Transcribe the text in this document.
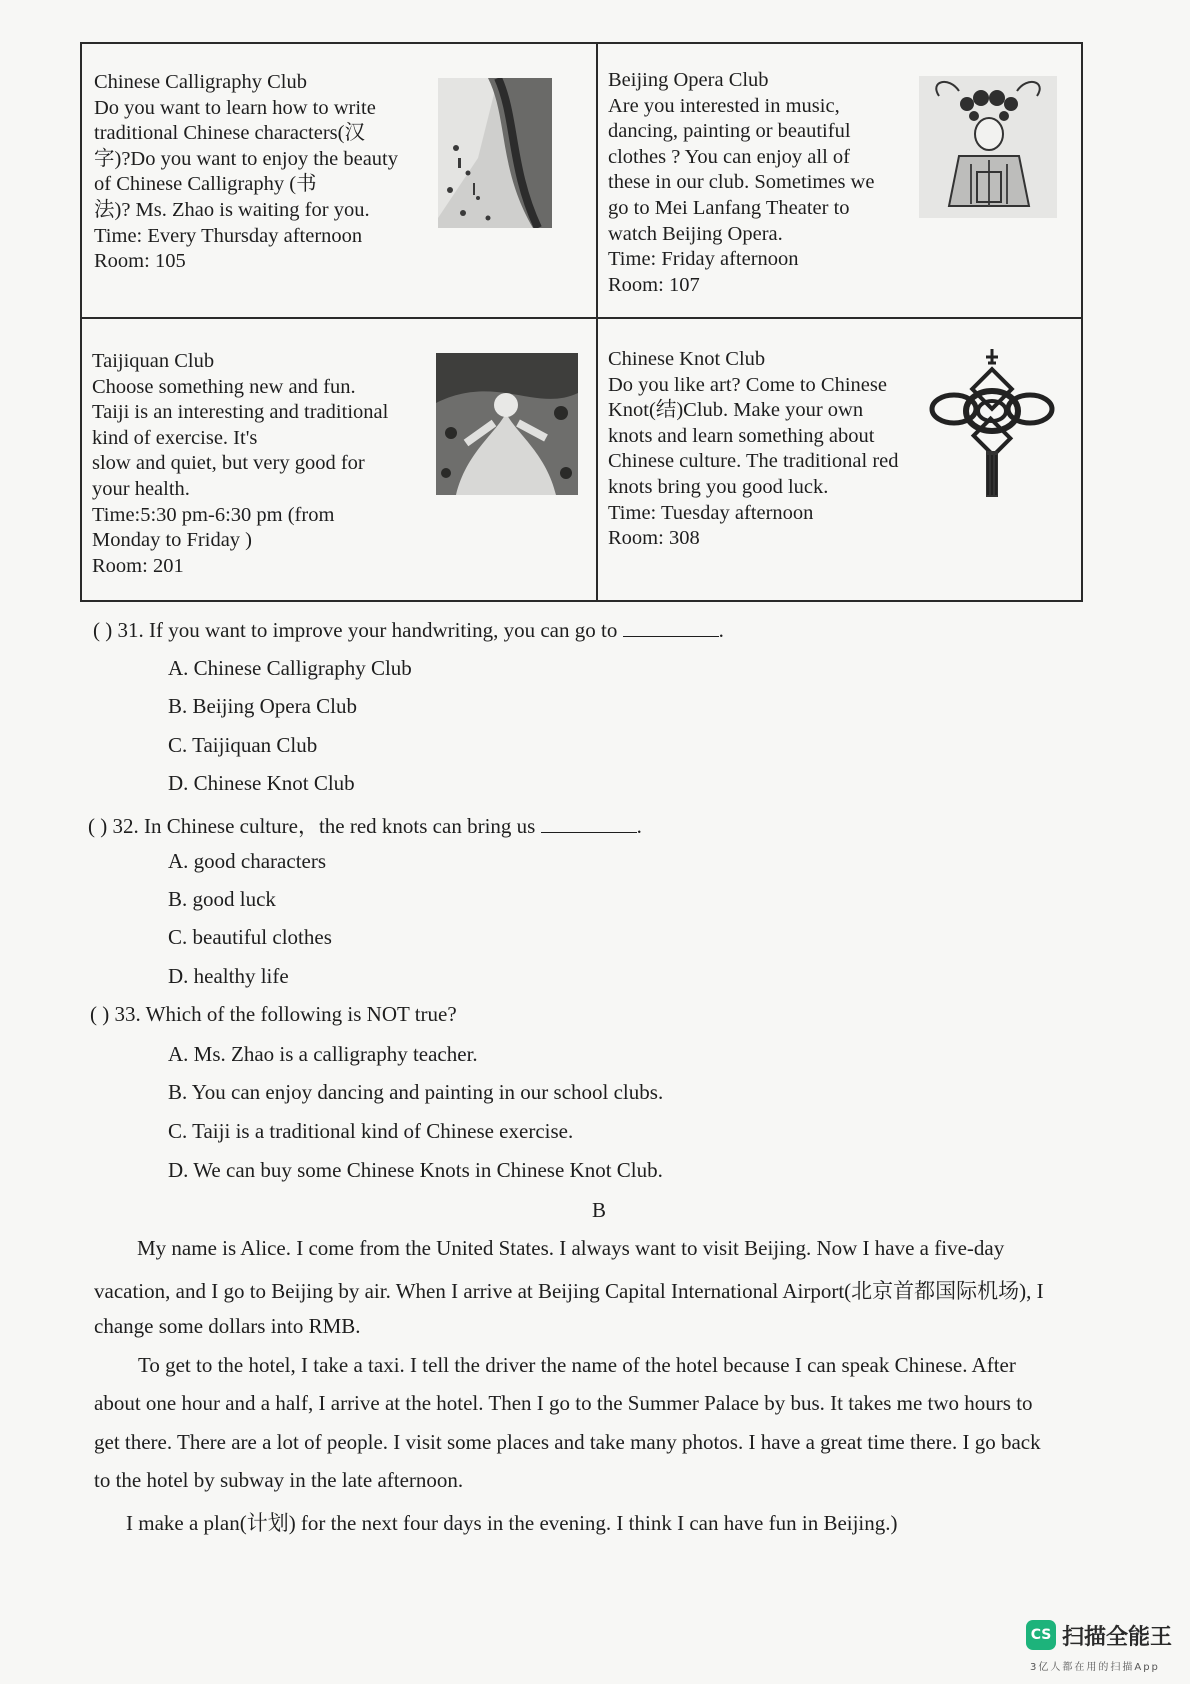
Chinese Calligraphy Club
Do you want to learn how to write
traditional Chinese characters(汉
字)?Do you want to enjoy the beauty
of Chinese Calligraphy (书
法)? Ms. Zhao is waiting for you.
Time: Every Thursday afternoon
Room: 105
Beijing Opera Club
Are you interested in music,
dancing, painting or beautiful
clothes ? You can enjoy all of
these in our club. Sometimes we
go to Mei Lanfang Theater to
watch Beijing Opera.
Time: Friday afternoon
Room: 107
Taijiquan Club
Choose something new and fun.
Taiji is an interesting and traditional
kind of exercise. It's
slow and quiet, but very good for
your health.
Time:5:30 pm-6:30 pm (from
Monday to Friday )
Room: 201
Chinese Knot Club
Do you like art? Come to Chinese
Knot(结)Club. Make your own
knots and learn something about
Chinese culture. The traditional red
knots bring you good luck.
Time: Tuesday afternoon
Room: 308
( ) 31. If you want to improve your handwriting, you can go to	.
A. Chinese Calligraphy Club
B. Beijing Opera Club
C. Taijiquan Club
D. Chinese Knot Club
( ) 32. In Chinese culture，the red knots can bring us	.
A. good characters
B. good luck
C. beautiful clothes
D. healthy life
( ) 33. Which of the following is NOT true?
A. Ms. Zhao is a calligraphy teacher.
B. You can enjoy dancing and painting in our school clubs.
C. Taiji is a traditional kind of Chinese exercise.
D. We can buy some Chinese Knots in Chinese Knot Club.
B
My name is Alice. I come from the United States. I always want to visit Beijing. Now I have a five-day
vacation, and I go to Beijing by air. When I arrive at Beijing Capital International Airport(北京首都国际机场), I
change some dollars into RMB.
To get to the hotel, I take a taxi. I tell the driver the name of the hotel because I can speak Chinese. After
about one hour and a half, I arrive at the hotel. Then I go to the Summer Palace by bus. It takes me two hours to
get there. There are a lot of people. I visit some places and take many photos. I have a great time there. I go back
to the hotel by subway in the late afternoon.
I make a plan(计划) for the next four days in the evening. I think I can have fun in Beijing.)
CS 扫描全能王
3亿人都在用的扫描App
